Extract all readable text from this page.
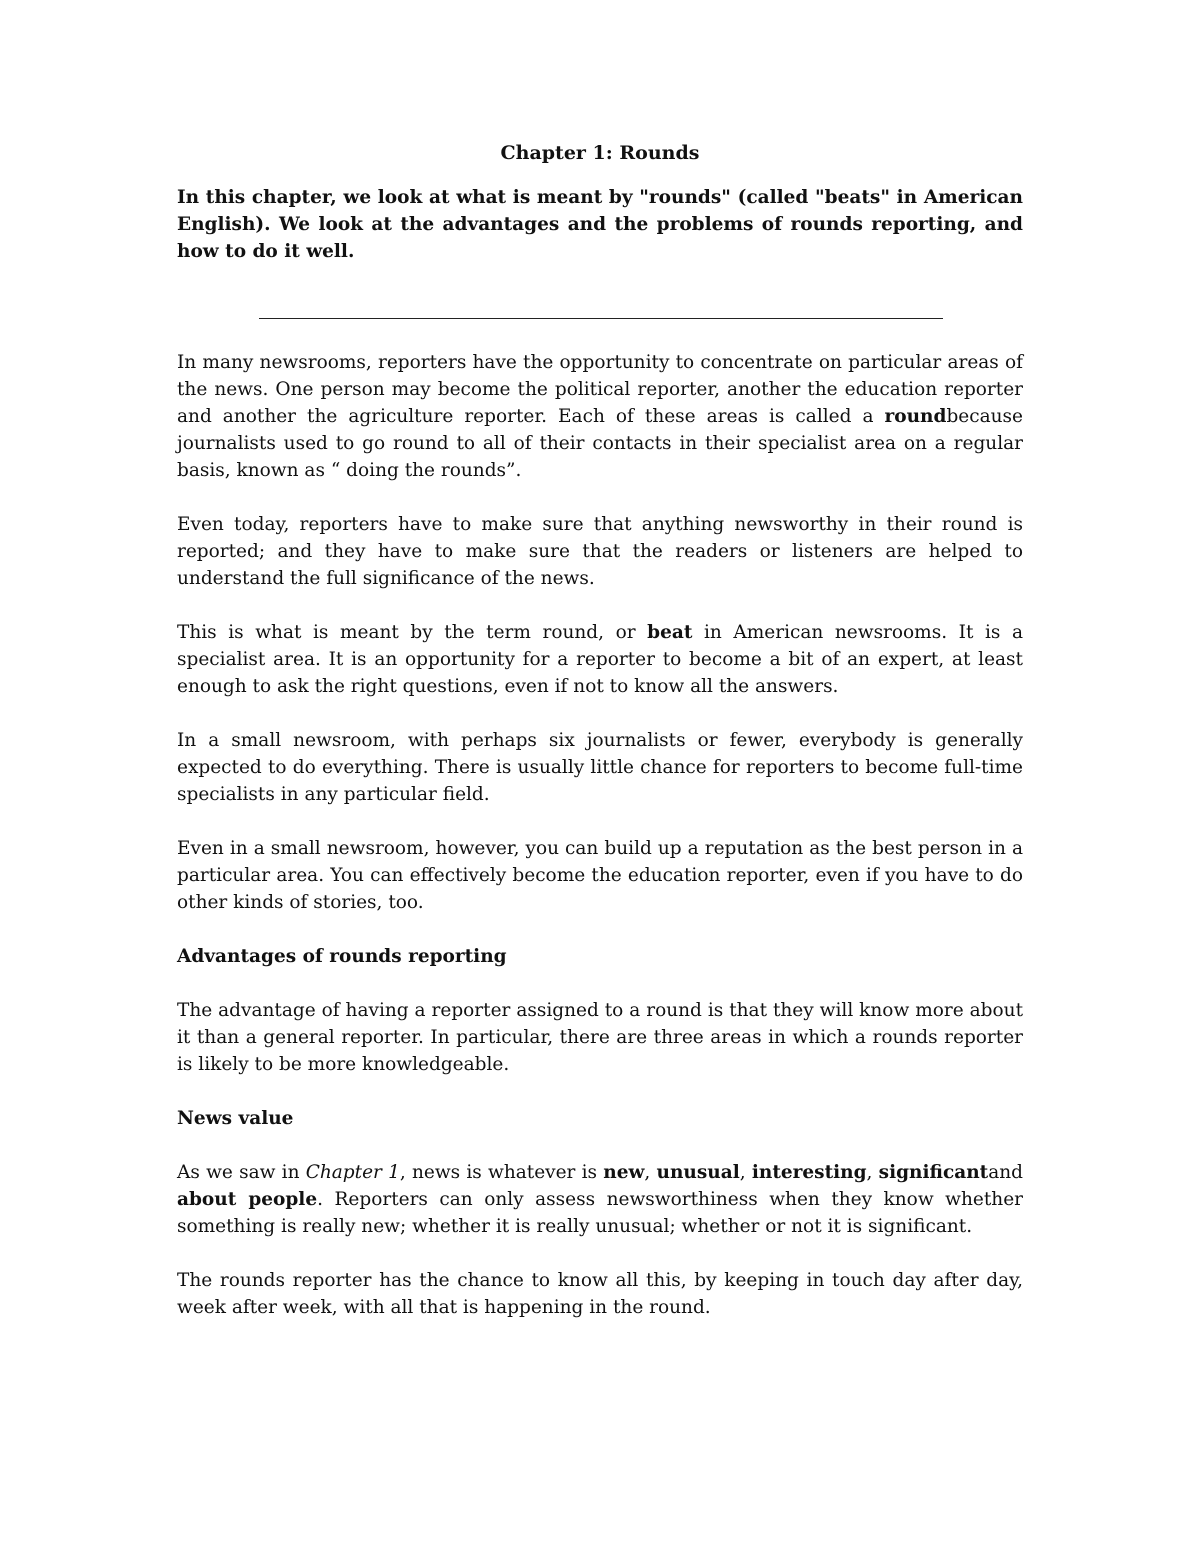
Chapter 1: Rounds

In this chapter, we look at what is meant by "rounds" (called "beats" in American English). We look at the advantages and the problems of rounds reporting, and how to do it well.

In many newsrooms, reporters have the opportunity to concentrate on particular areas of the news. One person may become the political reporter, another the education reporter and another the agriculture reporter. Each of these areas is called a roundbecause journalists used to go round to all of their contacts in their specialist area on a regular basis, known as “ doing the rounds”.

Even today, reporters have to make sure that anything newsworthy in their round is reported; and they have to make sure that the readers or listeners are helped to understand the full significance of the news.

This is what is meant by the term round, or beat in American newsrooms. It is a specialist area. It is an opportunity for a reporter to become a bit of an expert, at least enough to ask the right questions, even if not to know all the answers.

In a small newsroom, with perhaps six journalists or fewer, everybody is generally expected to do everything. There is usually little chance for reporters to become full-time specialists in any particular field.

Even in a small newsroom, however, you can build up a reputation as the best person in a particular area. You can effectively become the education reporter, even if you have to do other kinds of stories, too.

Advantages of rounds reporting

The advantage of having a reporter assigned to a round is that they will know more about it than a general reporter. In particular, there are three areas in which a rounds reporter is likely to be more knowledgeable.

News value

As we saw in Chapter 1, news is whatever is new, unusual, interesting, significantand about people. Reporters can only assess newsworthiness when they know whether something is really new; whether it is really unusual; whether or not it is significant.

The rounds reporter has the chance to know all this, by keeping in touch day after day, week after week, with all that is happening in the round.
